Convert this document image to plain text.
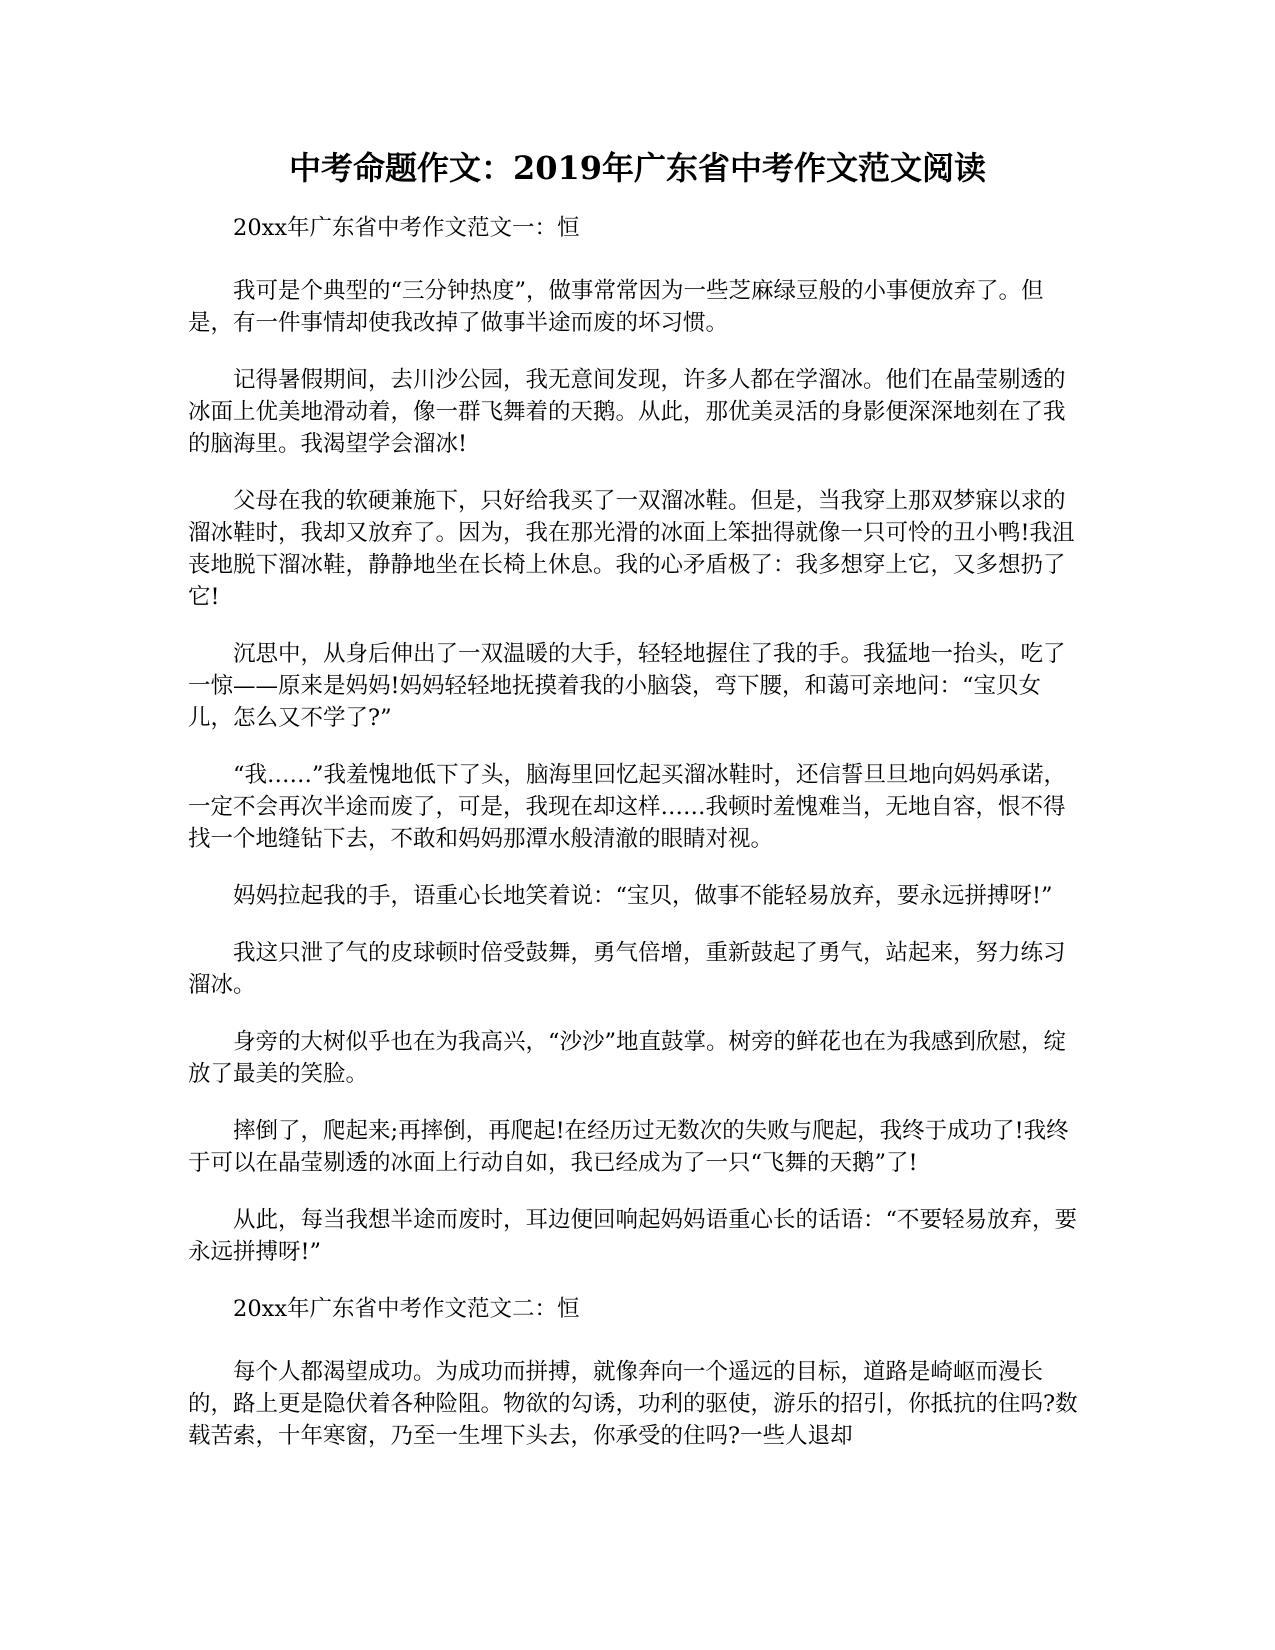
中考命题作文：2019年广东省中考作文范文阅读

20xx年广东省中考作文范文一：恒

我可是个典型的“三分钟热度”，做事常常因为一些芝麻绿豆般的小事便放弃了。但是，有一件事情却使我改掉了做事半途而废的坏习惯。

记得暑假期间，去川沙公园，我无意间发现，许多人都在学溜冰。他们在晶莹剔透的冰面上优美地滑动着，像一群飞舞着的天鹅。从此，那优美灵活的身影便深深地刻在了我的脑海里。我渴望学会溜冰!

父母在我的软硬兼施下，只好给我买了一双溜冰鞋。但是，当我穿上那双梦寐以求的溜冰鞋时，我却又放弃了。因为，我在那光滑的冰面上笨拙得就像一只可怜的丑小鸭!我沮丧地脱下溜冰鞋，静静地坐在长椅上休息。我的心矛盾极了：我多想穿上它，又多想扔了它!

沉思中，从身后伸出了一双温暖的大手，轻轻地握住了我的手。我猛地一抬头，吃了一惊——原来是妈妈!妈妈轻轻地抚摸着我的小脑袋，弯下腰，和蔼可亲地问：“宝贝女儿，怎么又不学了?”

“我……”我羞愧地低下了头，脑海里回忆起买溜冰鞋时，还信誓旦旦地向妈妈承诺，一定不会再次半途而废了，可是，我现在却这样……我顿时羞愧难当，无地自容，恨不得找一个地缝钻下去，不敢和妈妈那潭水般清澈的眼睛对视。

妈妈拉起我的手，语重心长地笑着说：“宝贝，做事不能轻易放弃，要永远拼搏呀!”

我这只泄了气的皮球顿时倍受鼓舞，勇气倍增，重新鼓起了勇气，站起来，努力练习溜冰。

身旁的大树似乎也在为我高兴，“沙沙”地直鼓掌。树旁的鲜花也在为我感到欣慰，绽放了最美的笑脸。

摔倒了，爬起来;再摔倒，再爬起!在经历过无数次的失败与爬起，我终于成功了!我终于可以在晶莹剔透的冰面上行动自如，我已经成为了一只“飞舞的天鹅”了!

从此，每当我想半途而废时，耳边便回响起妈妈语重心长的话语：“不要轻易放弃，要永远拼搏呀!”

20xx年广东省中考作文范文二：恒

每个人都渴望成功。为成功而拼搏，就像奔向一个遥远的目标，道路是崎岖而漫长的，路上更是隐伏着各种险阻。物欲的勾诱，功利的驱使，游乐的招引，你抵抗的住吗?数载苦索，十年寒窗，乃至一生埋下头去，你承受的住吗?一些人退却
